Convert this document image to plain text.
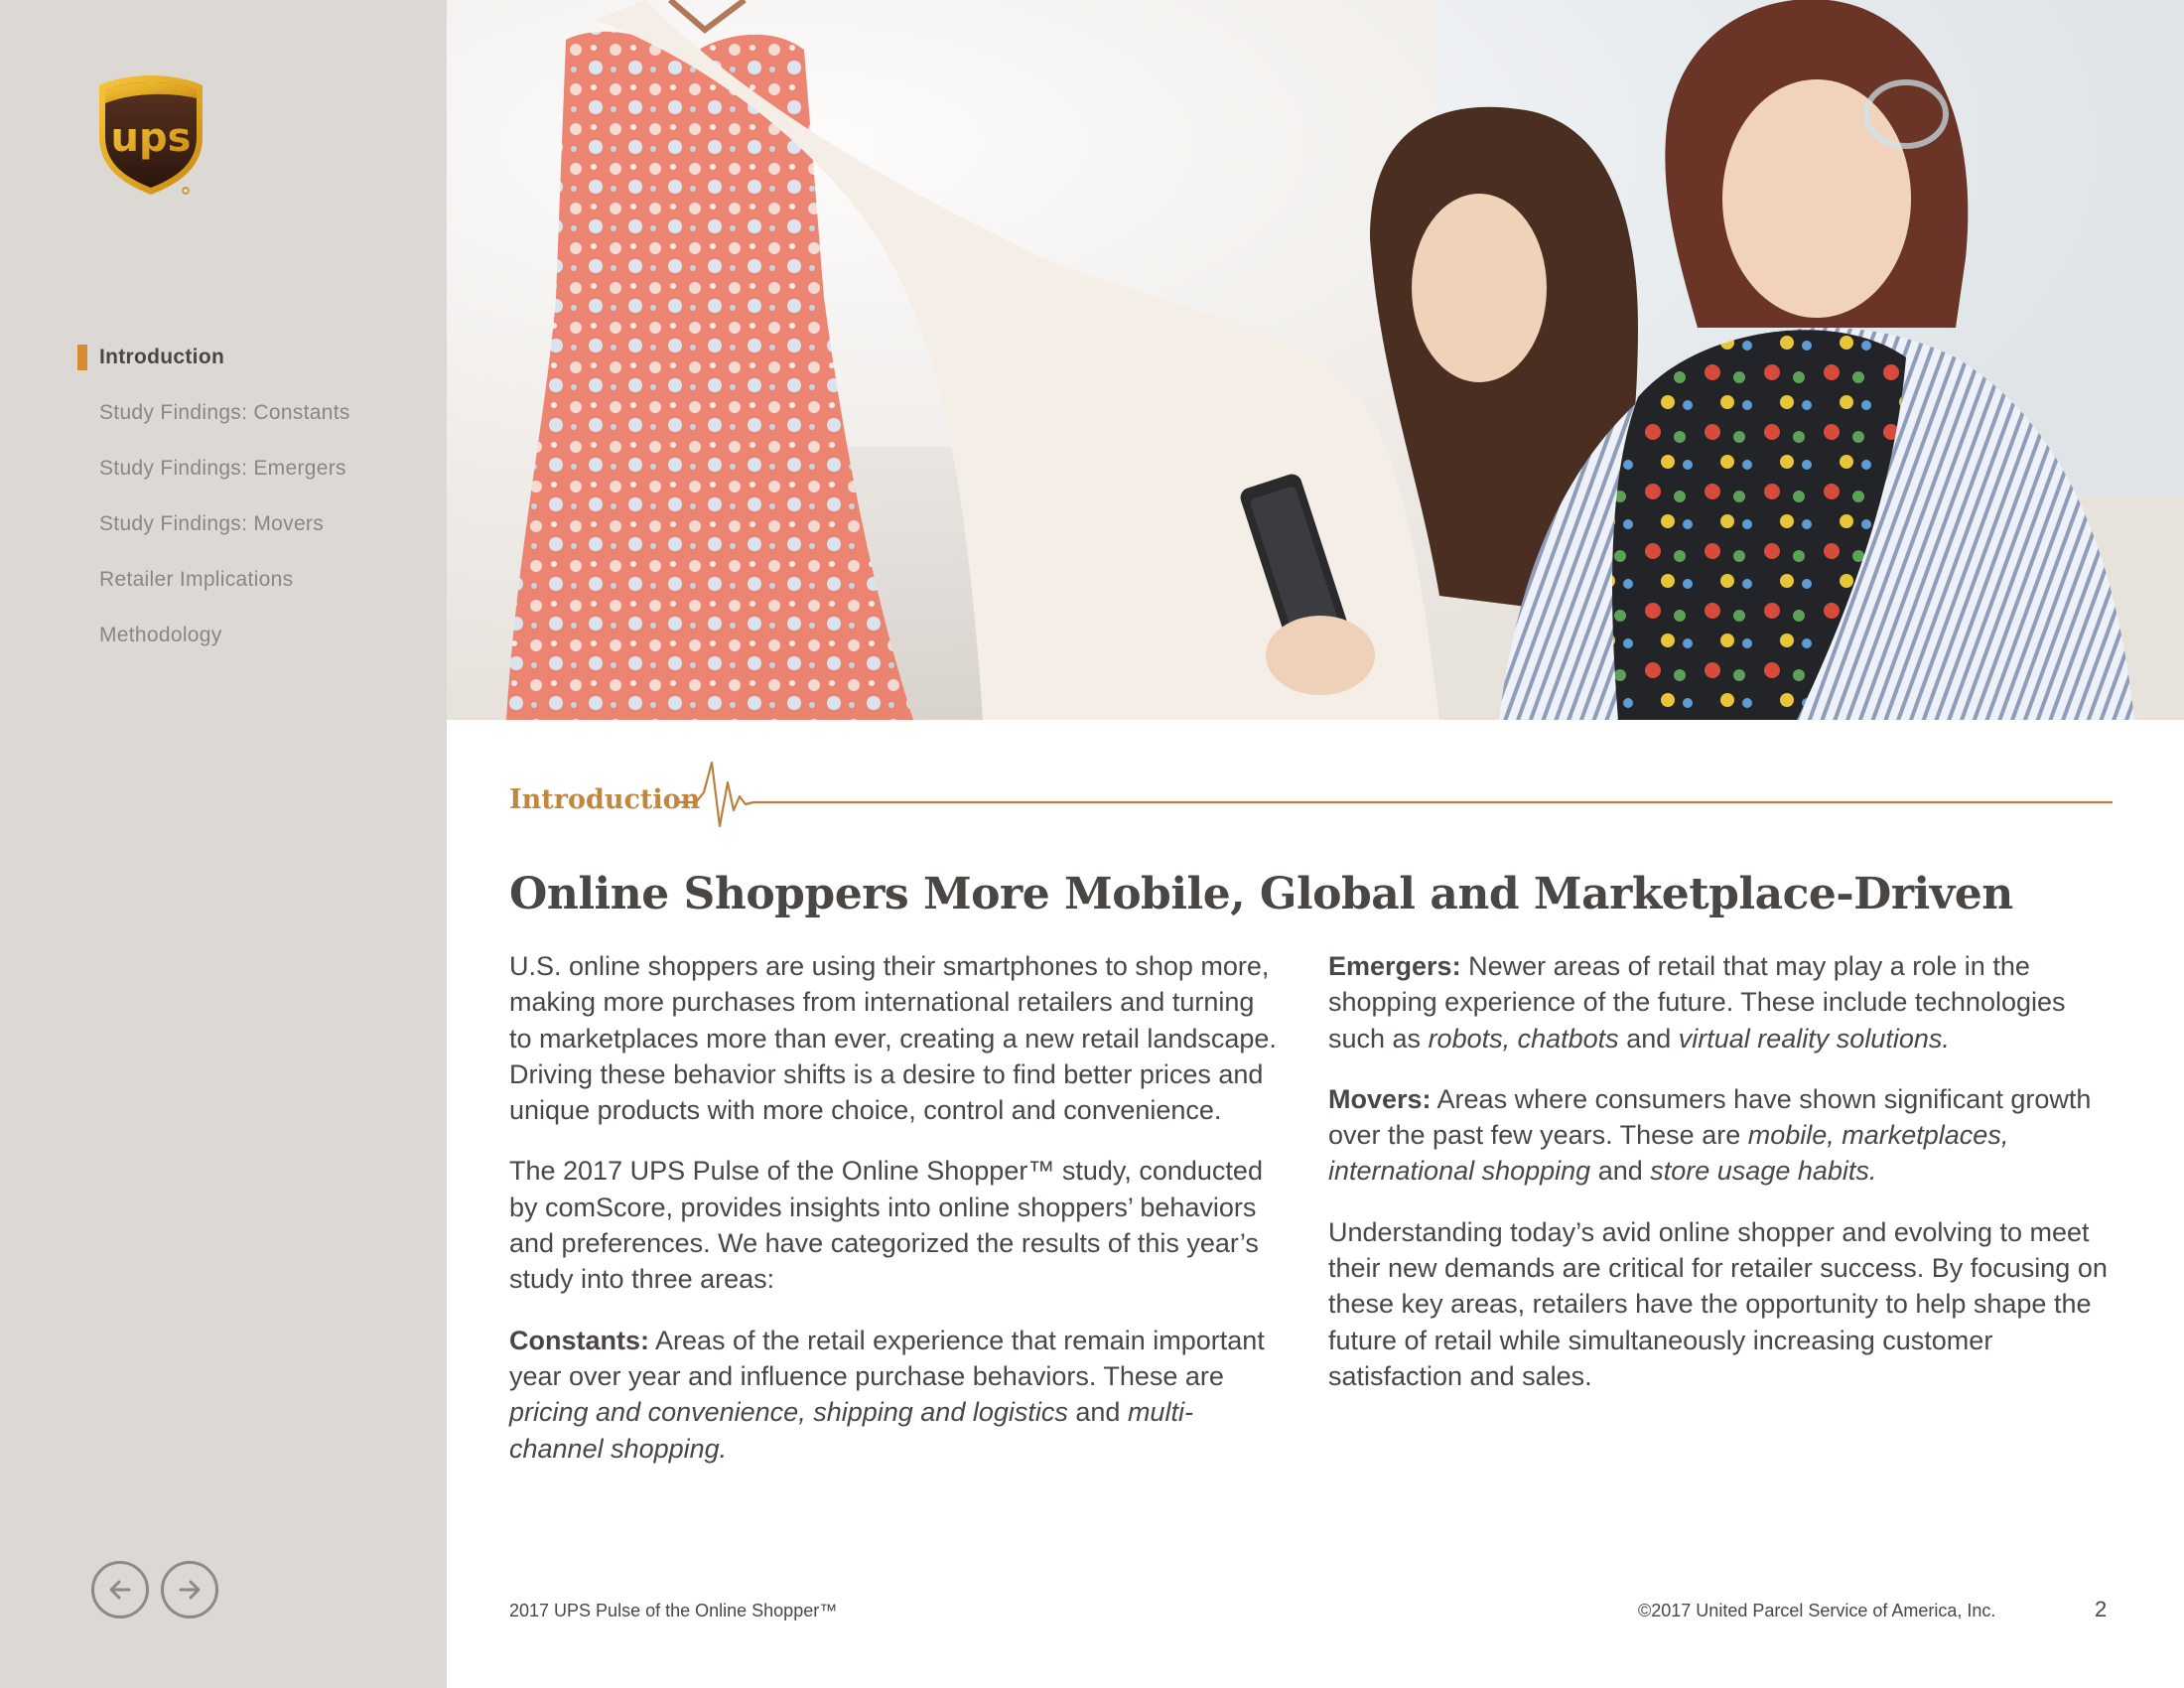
ups
Introduction
Study Findings: Constants
Study Findings: Emergers
Study Findings: Movers
Retailer Implications
Methodology
Introduction
Online Shoppers More Mobile, Global and Marketplace-Driven

U.S. online shoppers are using their smartphones to shop more, making more purchases from international retailers and turning to marketplaces more than ever, creating a new retail landscape. Driving these behavior shifts is a desire to find better prices and unique products with more choice, control and convenience.

The 2017 UPS Pulse of the Online Shopper™ study, conducted by comScore, provides insights into online shoppers’ behaviors and preferences. We have categorized the results of this year’s study into three areas:

Constants: Areas of the retail experience that remain important year over year and influence purchase behaviors. These are pricing and convenience, shipping and logistics and multi-channel shopping.

Emergers: Newer areas of retail that may play a role in the shopping experience of the future. These include technologies such as robots, chatbots and virtual reality solutions.

Movers: Areas where consumers have shown significant growth over the past few years. These are mobile, marketplaces, international shopping and store usage habits.

Understanding today’s avid online shopper and evolving to meet their new demands are critical for retailer success. By focusing on these key areas, retailers have the opportunity to help shape the future of retail while simultaneously increasing customer satisfaction and sales.

2017 UPS Pulse of the Online Shopper™	©2017 United Parcel Service of America, Inc.	2
